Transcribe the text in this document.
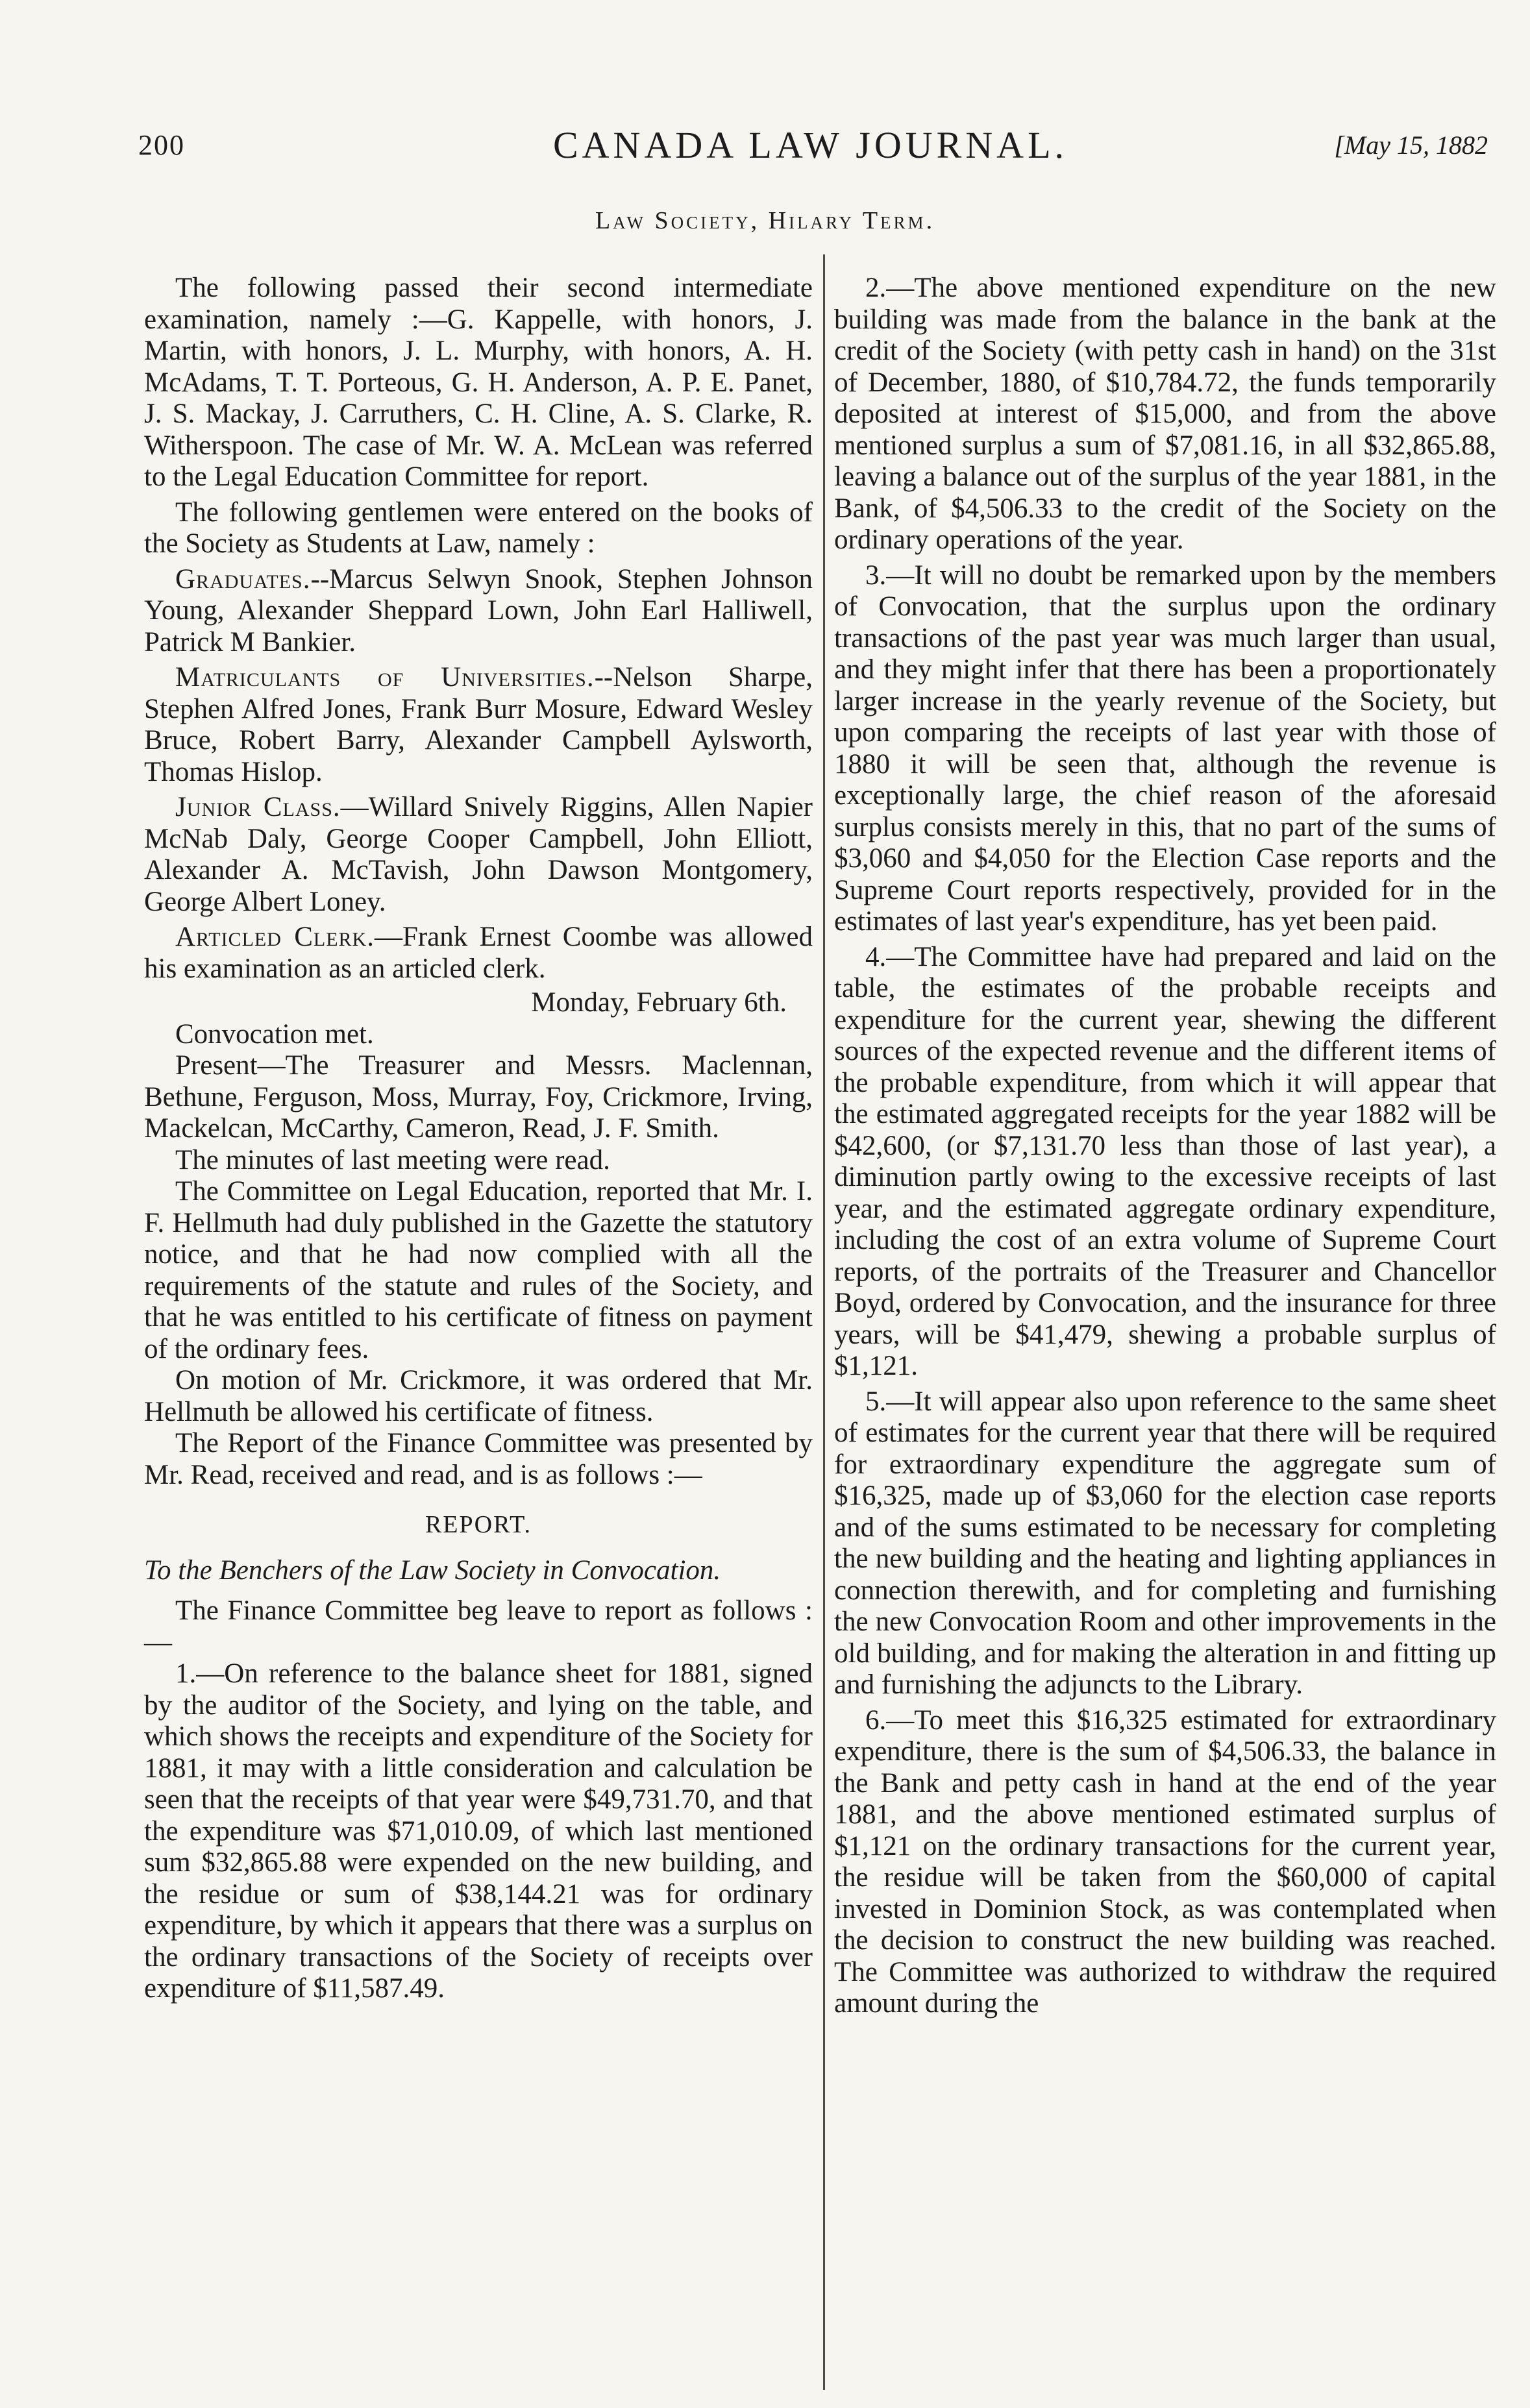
200	CANADA LAW JOURNAL.	[May 15, 1882
Law Society, Hilary Term.

The following passed their second intermediate examination, namely :—G. Kappelle, with honors, J. Martin, with honors, J. L. Murphy, with honors, A. H. McAdams, T. T. Porteous, G. H. Anderson, A. P. E. Panet, J. S. Mackay, J. Carruthers, C. H. Cline, A. S. Clarke, R. Witherspoon. The case of Mr. W. A. McLean was referred to the Legal Education Committee for report.

The following gentlemen were entered on the books of the Society as Students at Law, namely :

Graduates.--Marcus Selwyn Snook, Stephen Johnson Young, Alexander Sheppard Lown, John Earl Halliwell, Patrick M Bankier.

Matriculants of Universities.--Nelson Sharpe, Stephen Alfred Jones, Frank Burr Mosure, Edward Wesley Bruce, Robert Barry, Alexander Campbell Aylsworth, Thomas Hislop.

Junior Class.—Willard Snively Riggins, Allen Napier McNab Daly, George Cooper Campbell, John Elliott, Alexander A. McTavish, John Dawson Montgomery, George Albert Loney.

Articled Clerk.—Frank Ernest Coombe was allowed his examination as an articled clerk.

Monday, February 6th.

Convocation met.

Present—The Treasurer and Messrs. Maclennan, Bethune, Ferguson, Moss, Murray, Foy, Crickmore, Irving, Mackelcan, McCarthy, Cameron, Read, J. F. Smith.

The minutes of last meeting were read.

The Committee on Legal Education, reported that Mr. I. F. Hellmuth had duly published in the Gazette the statutory notice, and that he had now complied with all the requirements of the statute and rules of the Society, and that he was entitled to his certificate of fitness on payment of the ordinary fees.

On motion of Mr. Crickmore, it was ordered that Mr. Hellmuth be allowed his certificate of fitness.

The Report of the Finance Committee was presented by Mr. Read, received and read, and is as follows :—

REPORT.

To the Benchers of the Law Society in Convocation.

The Finance Committee beg leave to report as follows :—

1.—On reference to the balance sheet for 1881, signed by the auditor of the Society, and lying on the table, and which shows the receipts and expenditure of the Society for 1881, it may with a little consideration and calculation be seen that the receipts of that year were $49,731.70, and that the expenditure was $71,010.09, of which last mentioned sum $32,865.88 were expended on the new building, and the residue or sum of $38,144.21 was for ordinary expenditure, by which it appears that there was a surplus on the ordinary transactions of the Society of receipts over expenditure of $11,587.49.

2.—The above mentioned expenditure on the new building was made from the balance in the bank at the credit of the Society (with petty cash in hand) on the 31st of December, 1880, of $10,784.72, the funds temporarily deposited at interest of $15,000, and from the above mentioned surplus a sum of $7,081.16, in all $32,865.88, leaving a balance out of the surplus of the year 1881, in the Bank, of $4,506.33 to the credit of the Society on the ordinary operations of the year.

3.—It will no doubt be remarked upon by the members of Convocation, that the surplus upon the ordinary transactions of the past year was much larger than usual, and they might infer that there has been a proportionately larger increase in the yearly revenue of the Society, but upon comparing the receipts of last year with those of 1880 it will be seen that, although the revenue is exceptionally large, the chief reason of the aforesaid surplus consists merely in this, that no part of the sums of $3,060 and $4,050 for the Election Case reports and the Supreme Court reports respectively, provided for in the estimates of last year's expenditure, has yet been paid.

4.—The Committee have had prepared and laid on the table, the estimates of the probable receipts and expenditure for the current year, shewing the different sources of the expected revenue and the different items of the probable expenditure, from which it will appear that the estimated aggregated receipts for the year 1882 will be $42,600, (or $7,131.70 less than those of last year), a diminution partly owing to the excessive receipts of last year, and the estimated aggregate ordinary expenditure, including the cost of an extra volume of Supreme Court reports, of the portraits of the Treasurer and Chancellor Boyd, ordered by Convocation, and the insurance for three years, will be $41,479, shewing a probable surplus of $1,121.

5.—It will appear also upon reference to the same sheet of estimates for the current year that there will be required for extraordinary expenditure the aggregate sum of $16,325, made up of $3,060 for the election case reports and of the sums estimated to be necessary for completing the new building and the heating and lighting appliances in connection therewith, and for completing and furnishing the new Convocation Room and other improvements in the old building, and for making the alteration in and fitting up and furnishing the adjuncts to the Library.

6.—To meet this $16,325 estimated for extraordinary expenditure, there is the sum of $4,506.33, the balance in the Bank and petty cash in hand at the end of the year 1881, and the above mentioned estimated surplus of $1,121 on the ordinary transactions for the current year, the residue will be taken from the $60,000 of capital invested in Dominion Stock, as was contemplated when the decision to construct the new building was reached. The Committee was authorized to withdraw the required amount during the
